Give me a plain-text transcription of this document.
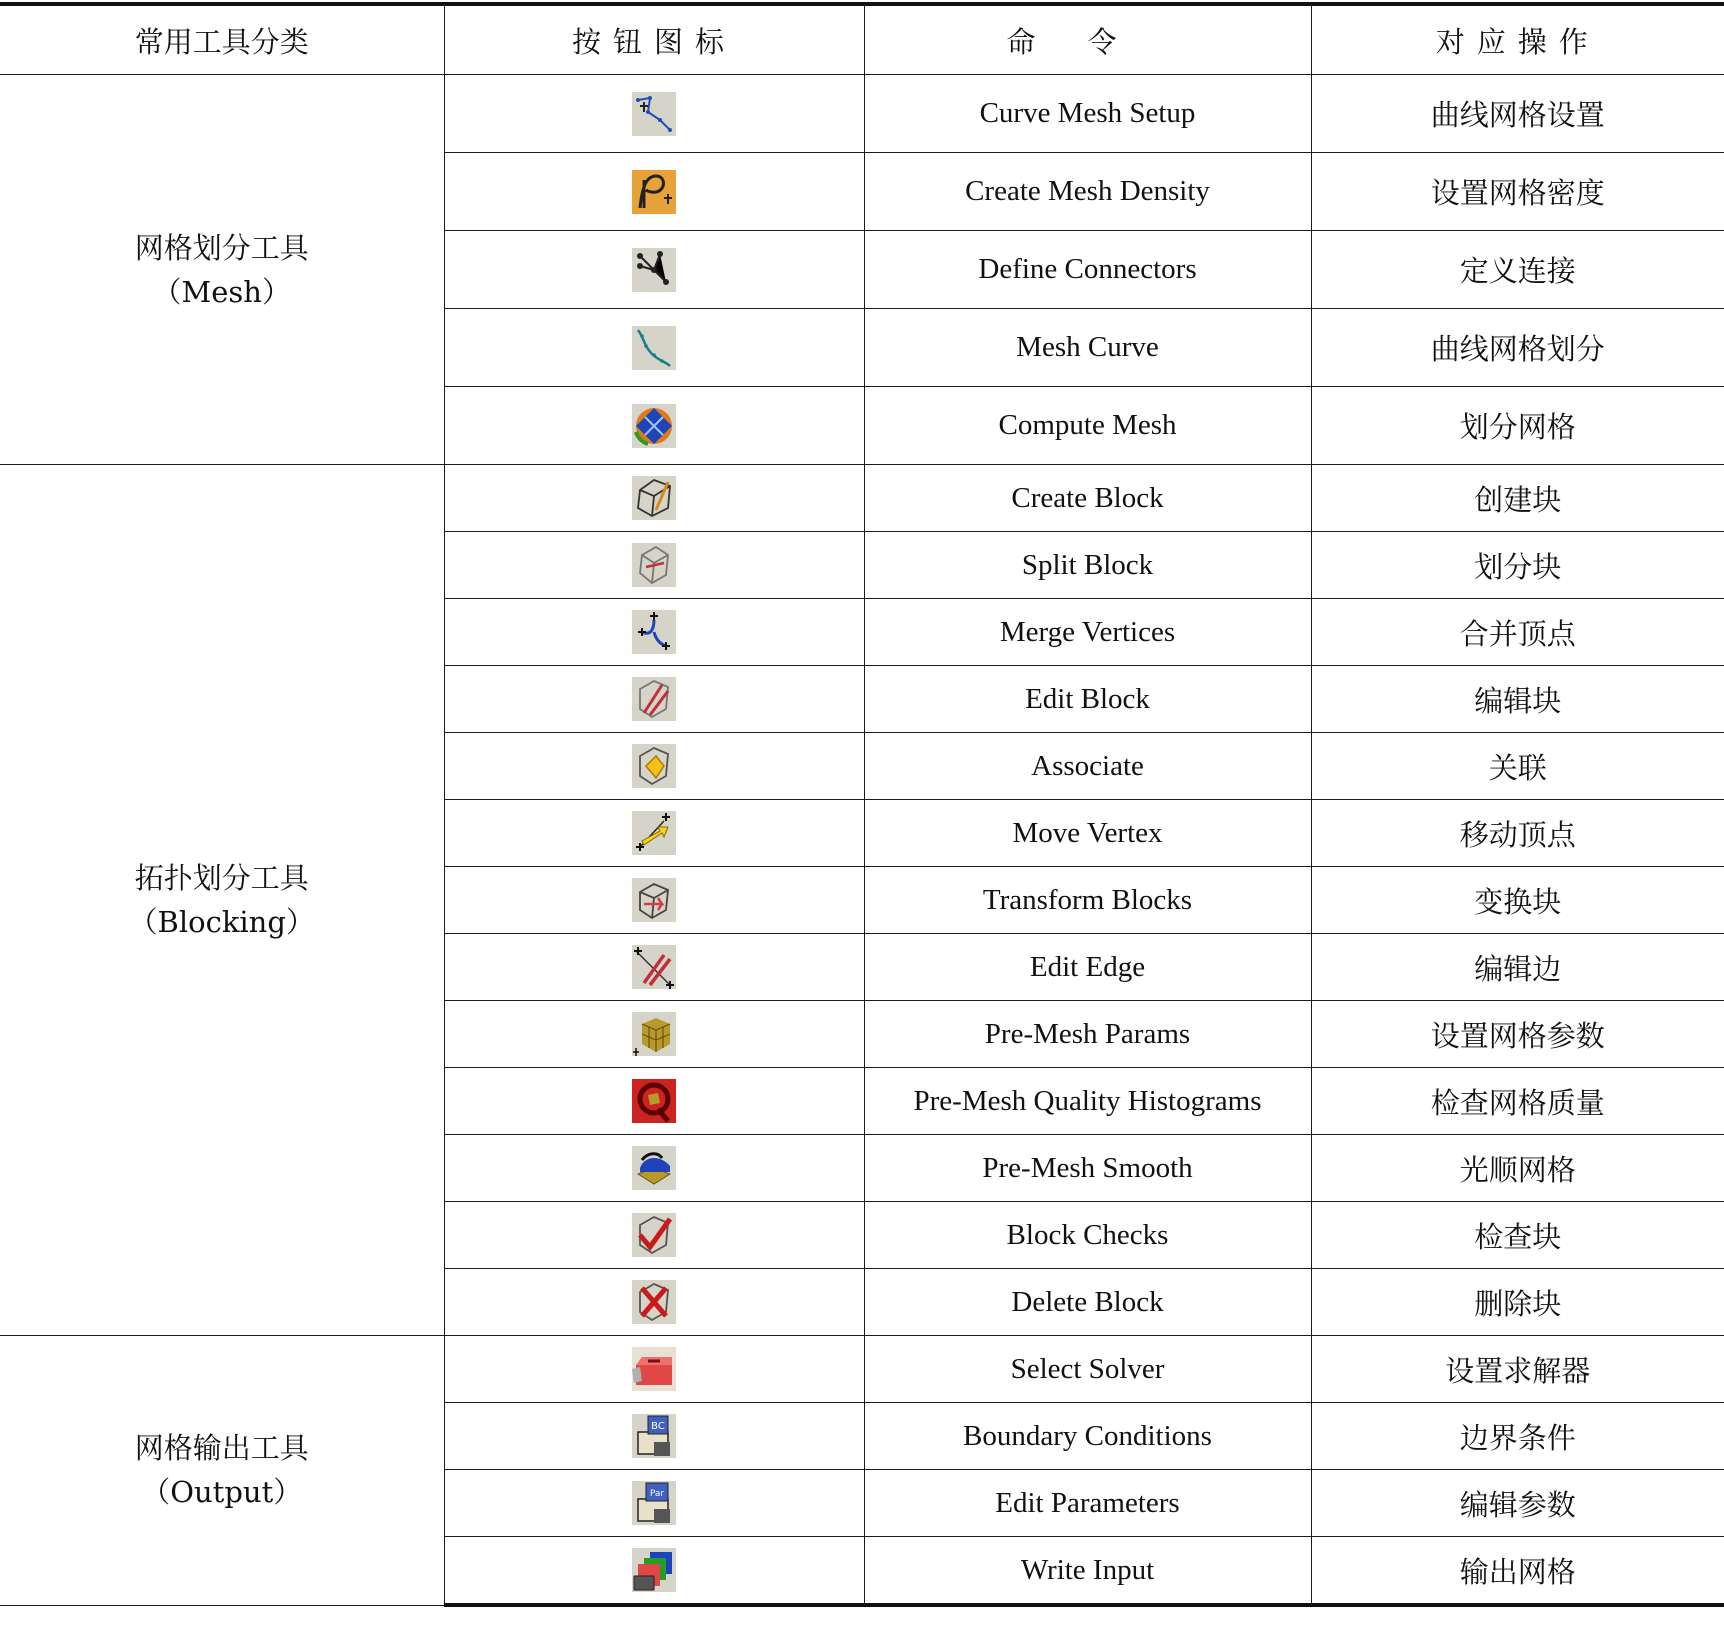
常用工具分类	按钮图标	命令	对应操作

网格划分工具
（Mesh）		Curve Mesh Setup	曲线网格设置

	Create Mesh Density	设置网格密度

	Define Connectors	定义连接

	Mesh Curve	曲线网格划分

	Compute Mesh	划分网格

拓扑划分工具
（Blocking）		Create Block	创建块

	Split Block	划分块

	Merge Vertices	合并顶点

	Edit Block	编辑块

	Associate	关联

	Move Vertex	移动顶点

	Transform Blocks	变换块

	Edit Edge	编辑边

	Pre-Mesh Params	设置网格参数

	Pre-Mesh Quality Histograms	检查网格质量

	Pre-Mesh Smooth	光顺网格

	Block Checks	检查块

	Delete Block	删除块

网格输出工具
（Output）		Select Solver	设置求解器

BC	Boundary Conditions	边界条件

Par	Edit Parameters	编辑参数

	Write Input	输出网格
